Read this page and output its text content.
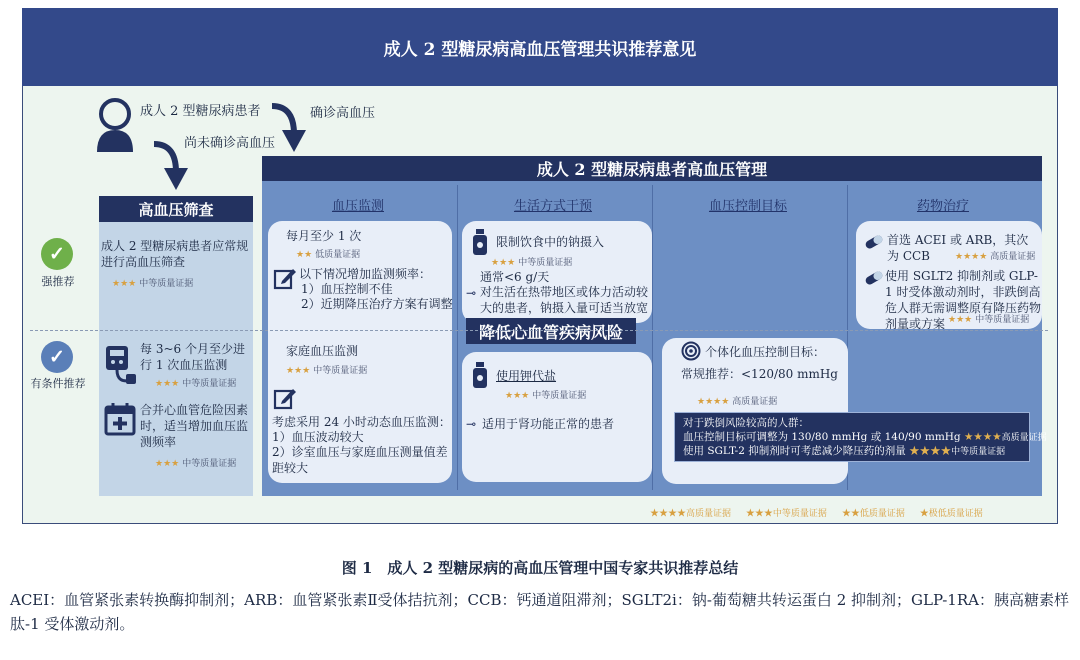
成人 2 型糖尿病高血压管理共识推荐意见
成人 2 型糖尿病患者	确诊高血压
尚未确诊高血压
✓
强推荐
✓
有条件推荐
高血压筛查
成人 2 型糖尿病患者应常规进行高血压筛查
★★★ 中等质量证据
每 3~6 个月至少进行 1 次血压监测
★★★ 中等质量证据
合并心血管危险因素时，适当增加血压监测频率
★★★ 中等质量证据
成人 2 型糖尿病患者高血压管理
血压监测	生活方式干预	血压控制目标	药物治疗
每月至少 1 次
★★ 低质量证据
以下情况增加监测频率：
1）血压控制不佳
2）近期降压治疗方案有调整
家庭血压监测
★★★ 中等质量证据
考虑采用 24 小时动态血压监测：
1）血压波动较大
2）诊室血压与家庭血压测量值差距较大
限制饮食中的钠摄入
★★★ 中等质量证据
通常<6 g/天
⊸ 对生活在热带地区或体力活动较大的患者，钠摄入量可适当放宽
降低心血管疾病风险
使用钾代盐
★★★ 中等质量证据
⊸ 适用于肾功能正常的患者
个体化血压控制目标：
常规推荐：<120/80 mmHg
★★★★ 高质量证据
对于跌倒风险较高的人群：
血压控制目标可调整为 130/80 mmHg 或 140/90 mmHg ★★★★高质量证据
使用 SGLT-2 抑制剂时可考虑减少降压药的剂量 ★★★★中等质量证据
首选 ACEI 或 ARB，其次为 CCB	★★★★ 高质量证据
使用 SGLT2 抑制剂或 GLP-1 时受体激动剂时，非跌倒高危人群无需调整原有降压药物剂量或方案 ★★★ 中等质量证据
★★★★高质量证据 ★★★中等质量证据 ★★低质量证据 ★极低质量证据
图 1　成人 2 型糖尿病的高血压管理中国专家共识推荐总结
ACEI：血管紧张素转换酶抑制剂；ARB：血管紧张素Ⅱ受体拮抗剂；CCB：钙通道阻滞剂；SGLT2i：钠-葡萄糖共转运蛋白 2 抑制剂；GLP-1RA：胰高糖素样肽-1 受体激动剂。
